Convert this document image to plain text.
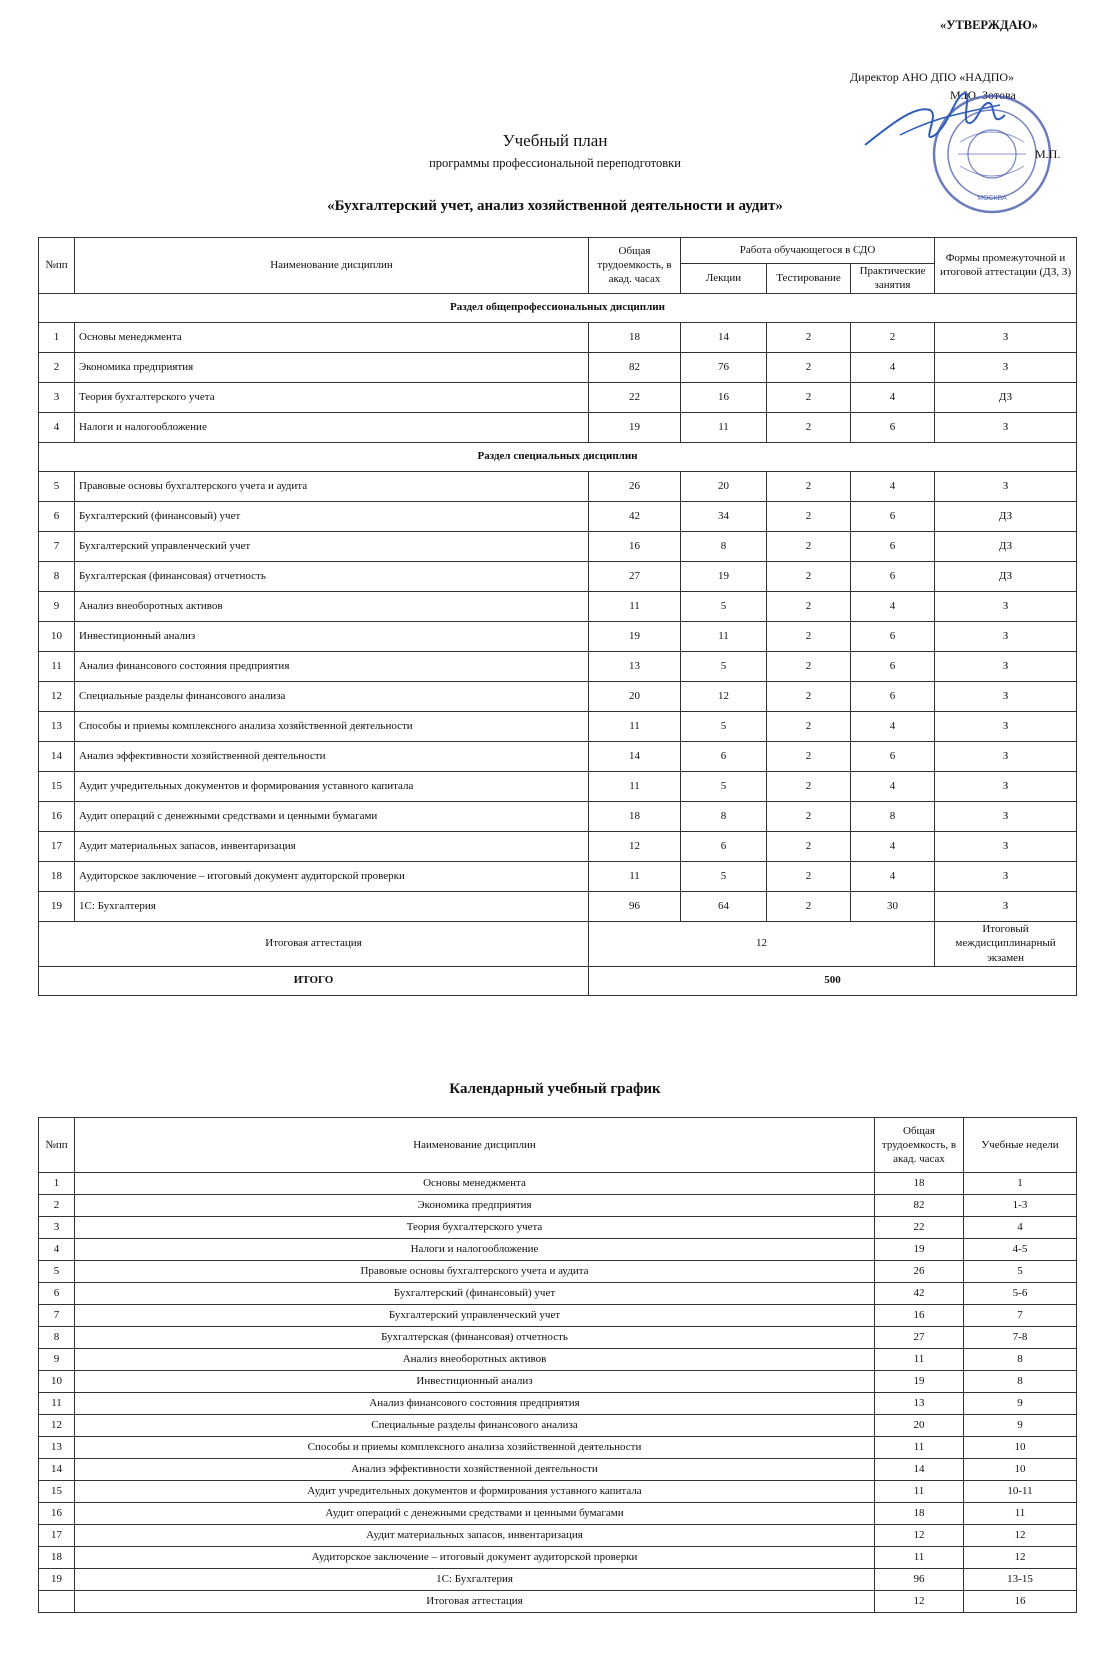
«УТВЕРЖДАЮ»
Директор АНО ДПО «НАДПО»
М.Ю. Зотова
МОСКВА
М.П.
Учебный план
программы профессиональной переподготовки
«Бухгалтерский учет, анализ хозяйственной деятельности и аудит»
№пп	Наименование дисциплин	Общая трудоемкость, в акад. часах	Работа обучающегося в СДО			Формы промежуточной и итоговой аттестации (ДЗ, З)
			Лекции	Тестирование	Практические занятия	
Раздел общепрофессиональных дисциплин						
1	Основы менеджмента	18	14	2	2	З
2	Экономика предприятия	82	76	2	4	З
3	Теория бухгалтерского учета	22	16	2	4	ДЗ
4	Налоги и налогообложение	19	11	2	6	З
Раздел специальных дисциплин						
5	Правовые основы бухгалтерского учета и аудита	26	20	2	4	З
6	Бухгалтерский (финансовый) учет	42	34	2	6	ДЗ
7	Бухгалтерский управленческий учет	16	8	2	6	ДЗ
8	Бухгалтерская (финансовая) отчетность	27	19	2	6	ДЗ
9	Анализ внеоборотных активов	11	5	2	4	З
10	Инвестиционный анализ	19	11	2	6	З
11	Анализ финансового состояния предприятия	13	5	2	6	З
12	Специальные разделы финансового анализа	20	12	2	6	З
13	Способы и приемы комплексного анализа хозяйственной деятельности	11	5	2	4	З
14	Анализ эффективности хозяйственной деятельности	14	6	2	6	З
15	Аудит учредительных документов и формирования уставного капитала	11	5	2	4	З
16	Аудит операций с денежными средствами и ценными бумагами	18	8	2	8	З
17	Аудит материальных запасов, инвентаризация	12	6	2	4	З
18	Аудиторское заключение – итоговый документ аудиторской проверки	11	5	2	4	З
19	1С: Бухгалтерия	96	64	2	30	З
Итоговая аттестация		12				Итоговый междисциплинарный экзамен
ИТОГО		500				
Календарный учебный график
№пп	Наименование дисциплин	Общая трудоемкость, в акад. часах	Учебные недели
1	Основы менеджмента	18	1
2	Экономика предприятия	82	1-3
3	Теория бухгалтерского учета	22	4
4	Налоги и налогообложение	19	4-5
5	Правовые основы бухгалтерского учета и аудита	26	5
6	Бухгалтерский (финансовый) учет	42	5-6
7	Бухгалтерский управленческий учет	16	7
8	Бухгалтерская (финансовая) отчетность	27	7-8
9	Анализ внеоборотных активов	11	8
10	Инвестиционный анализ	19	8
11	Анализ финансового состояния предприятия	13	9
12	Специальные разделы финансового анализа	20	9
13	Способы и приемы комплексного анализа хозяйственной деятельности	11	10
14	Анализ эффективности хозяйственной деятельности	14	10
15	Аудит учредительных документов и формирования уставного капитала	11	10-11
16	Аудит операций с денежными средствами и ценными бумагами	18	11
17	Аудит материальных запасов, инвентаризация	12	12
18	Аудиторское заключение – итоговый документ аудиторской проверки	11	12
19	1С: Бухгалтерия	96	13-15
	Итоговая аттестация	12	16
